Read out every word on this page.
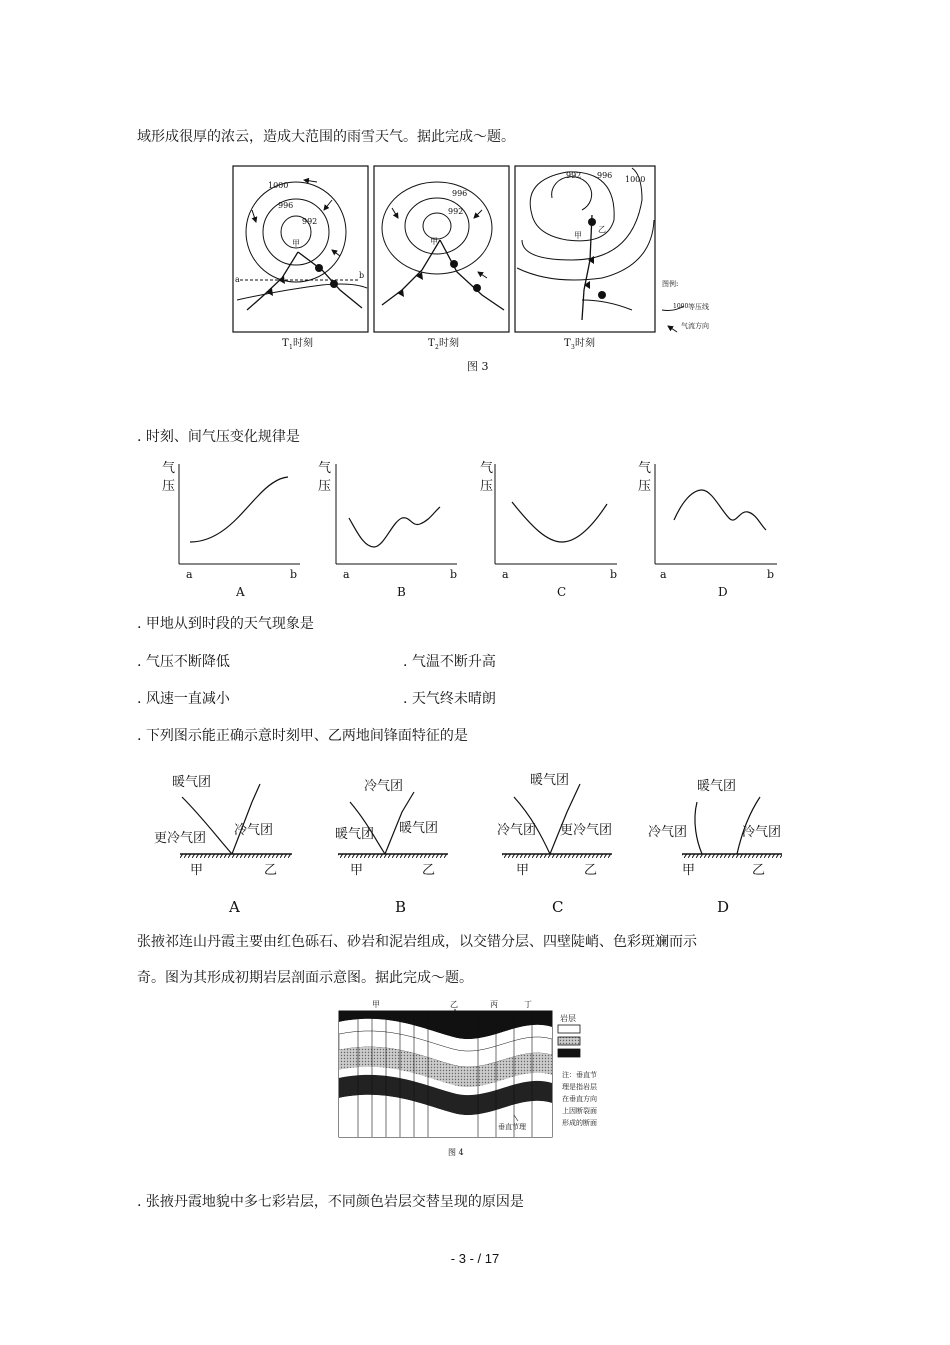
域形成很厚的浓云，造成大范围的雨雪天气。据此完成～题。
1000
996
992
甲
a	b
T 1 时刻
996
992
甲
T 2 时刻
992 996 1000
甲
乙
图例:
1000 等压线
气流方向
T 3 时刻
图 3
. 时刻、间气压变化规律是
气
压
a	b
A
气
压
a	b
B
气
压
a	b
C
气
压
a	b
D
. 甲地从到时段的天气现象是
. 气压不断降低	. 气温不断升高
. 风速一直减小	. 天气终未晴朗
. 下列图示能正确示意时刻甲、乙两地间锋面特征的是
暖气团
更冷气团
冷气团
甲	乙
A
冷气团
暖气团 暖气团
甲	乙
B
暖气团
冷气团 更冷气团
甲	乙
C
暖气团
冷气团	冷气团
甲	乙
D
张掖祁连山丹霞主要由红色砾石、砂岩和泥岩组成，以交错分层、四壁陡峭、色彩斑斓而示
奇。图为其形成初期岩层剖面示意图。据此完成～题。
甲	乙	丙	丁
垂直节理
岩层
注：垂直节
理是指岩层
在垂直方向
上因断裂面
形成的断面
图 4
. 张掖丹霞地貌中多七彩岩层，不同颜色岩层交替呈现的原因是
- 3 - / 17
